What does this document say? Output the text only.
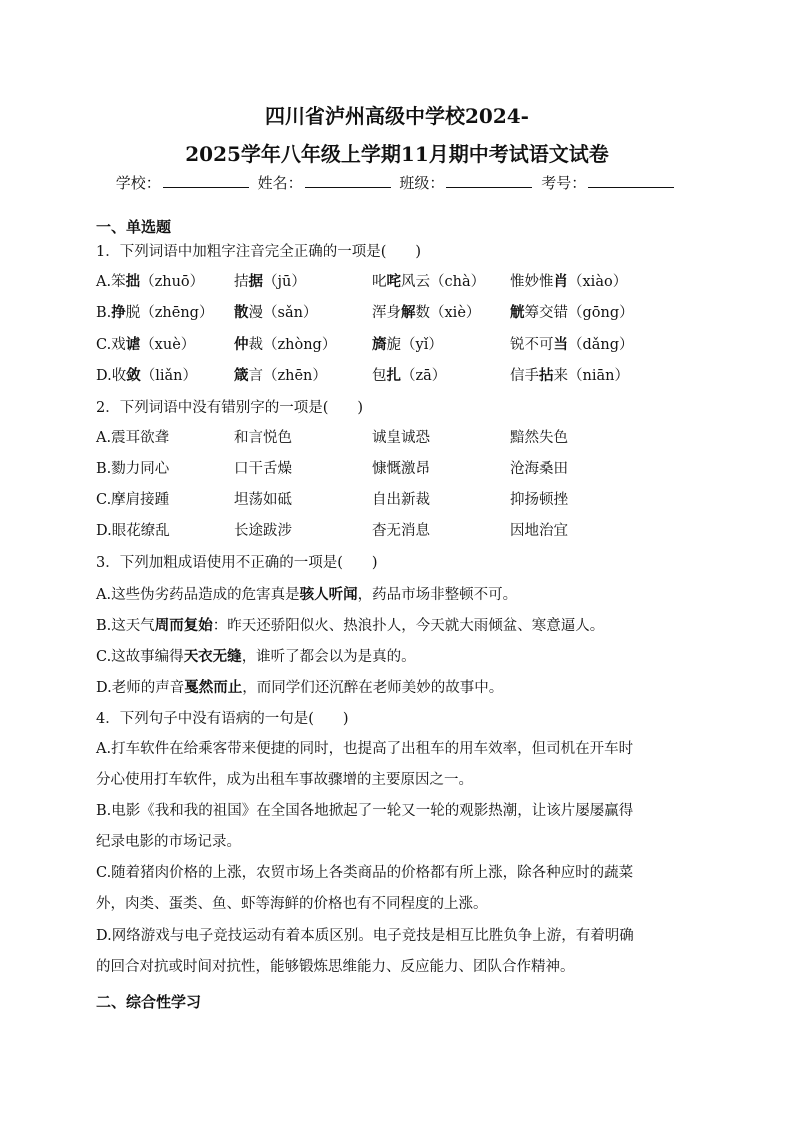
四川省泸州高级中学校2024-
2025学年八年级上学期11月期中考试语文试卷
学校：	姓名：	班级：	考号：
一、单选题
1．下列词语中加粗字注音完全正确的一项是(　　)
A.笨拙（zhuō） 拮据（jū）	叱咤风云（chà） 惟妙惟肖（xiào）
B.挣脱（zhēng） 散漫（sǎn）	浑身解数（xiè） 觥筹交错（gōng）
C.戏谑（xuè）	仲裁（zhòng） 旖旎（yǐ）	锐不可当（dǎng）
D.收敛（liǎn）	箴言（zhēn）	包扎（zā）	信手拈来（niān）
2．下列词语中没有错别字的一项是(　　)
A.震耳欲聋	和言悦色	诚皇诚恐	黯然失色
B.勠力同心	口干舌燥	慷慨激昂	沧海桑田
C.摩肩接踵	坦荡如砥	自出新裁	抑扬顿挫
D.眼花缭乱	长途跋涉	杳无消息	因地治宜
3．下列加粗成语使用不正确的一项是(　　)
A.这些伪劣药品造成的危害真是骇人听闻，药品市场非整顿不可。
B.这天气周而复始：昨天还骄阳似火、热浪扑人，今天就大雨倾盆、寒意逼人。
C.这故事编得天衣无缝，谁听了都会以为是真的。
D.老师的声音戛然而止，而同学们还沉醉在老师美妙的故事中。
4．下列句子中没有语病的一句是(　　)
A.打车软件在给乘客带来便捷的同时，也提高了出租车的用车效率，但司机在开车时
分心使用打车软件，成为出租车事故骤增的主要原因之一。
B.电影《我和我的祖国》在全国各地掀起了一轮又一轮的观影热潮，让该片屡屡赢得
纪录电影的市场记录。
C.随着猪肉价格的上涨，农贸市场上各类商品的价格都有所上涨，除各种应时的蔬菜
外，肉类、蛋类、鱼、虾等海鲜的价格也有不同程度的上涨。
D.网络游戏与电子竞技运动有着本质区别。电子竞技是相互比胜负争上游，有着明确
的回合对抗或时间对抗性，能够锻炼思维能力、反应能力、团队合作精神。
二、综合性学习
